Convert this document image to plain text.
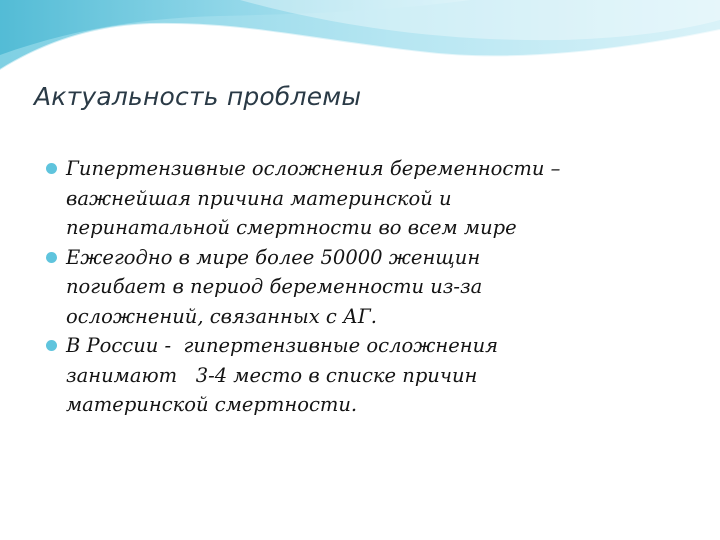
Актуальность проблемы
Гипертензивные осложнения беременности –
важнейшая причина материнской и
перинатальной смертности во всем мире
Ежегодно в мире более 50000 женщин
погибает в период беременности из-за
осложнений, связанных с АГ.
В России -  гипертензивные осложнения
занимают   3-4 место в списке причин
материнской смертности.
